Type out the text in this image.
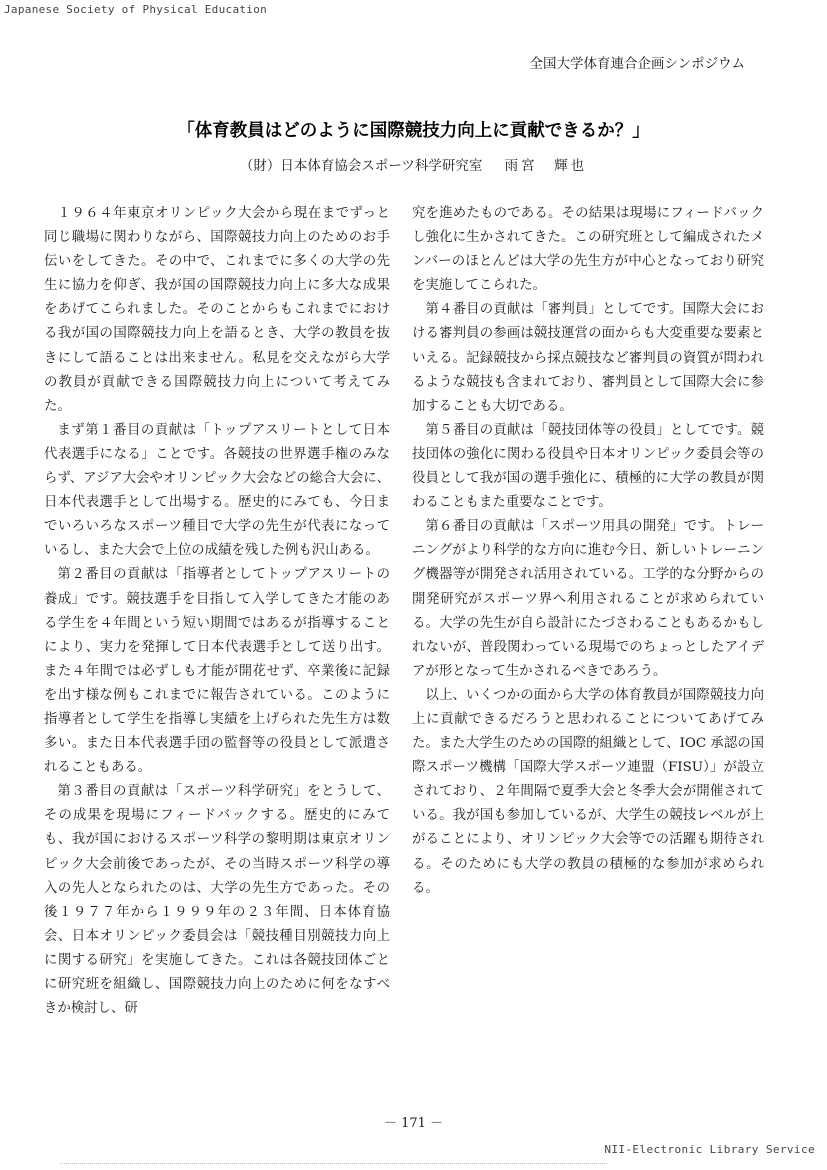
Japanese Society of Physical Education
全国大学体育連合企画シンポジウム
「体育教員はどのように国際競技力向上に貢献できるか？」
（財）日本体育協会スポーツ科学研究室 雨宮　輝也

１９６４年東京オリンピック大会から現在までずっと同じ職場に関わりながら、国際競技力向上のためのお手伝いをしてきた。その中で、これまでに多くの大学の先生に協力を仰ぎ、我が国の国際競技力向上に多大な成果をあげてこられました。そのことからもこれまでにおける我が国の国際競技力向上を語るとき、大学の教員を抜きにして語ることは出来ません。私見を交えながら大学の教員が貢献できる国際競技力向上について考えてみた。

まず第１番目の貢献は「トップアスリートとして日本代表選手になる」ことです。各競技の世界選手権のみならず、アジア大会やオリンピック大会などの総合大会に、日本代表選手として出場する。歴史的にみても、今日までいろいろなスポーツ種目で大学の先生が代表になっているし、また大会で上位の成績を残した例も沢山ある。

第２番目の貢献は「指導者としてトップアスリートの養成」です。競技選手を目指して入学してきた才能のある学生を４年間という短い期間ではあるが指導することにより、実力を発揮して日本代表選手として送り出す。また４年間では必ずしも才能が開花せず、卒業後に記録を出す様な例もこれまでに報告されている。このように指導者として学生を指導し実績を上げられた先生方は数多い。また日本代表選手団の監督等の役員として派遣されることもある。

第３番目の貢献は「スポーツ科学研究」をとうして、その成果を現場にフィードバックする。歴史的にみても、我が国におけるスポーツ科学の黎明期は東京オリンピック大会前後であったが、その当時スポーツ科学の導入の先人となられたのは、大学の先生方であった。その後１９７７年から１９９９年の２３年間、日本体育協会、日本オリンピック委員会は「競技種目別競技力向上に関する研究」を実施してきた。これは各競技団体ごとに研究班を組織し、国際競技力向上のために何をなすべきか検討し、研

究を進めたものである。その結果は現場にフィードバックし強化に生かされてきた。この研究班として編成されたメンバーのほとんどは大学の先生方が中心となっており研究を実施してこられた。

第４番目の貢献は「審判員」としてです。国際大会における審判員の参画は競技運営の面からも大変重要な要素といえる。記録競技から採点競技など審判員の資質が問われるような競技も含まれており、審判員として国際大会に参加することも大切である。

第５番目の貢献は「競技団体等の役員」としてです。競技団体の強化に関わる役員や日本オリンピック委員会等の役員として我が国の選手強化に、積極的に大学の教員が関わることもまた重要なことです。

第６番目の貢献は「スポーツ用具の開発」です。トレーニングがより科学的な方向に進む今日、新しいトレーニング機器等が開発され活用されている。工学的な分野からの開発研究がスポーツ界へ利用されることが求められている。大学の先生が自ら設計にたづさわることもあるかもしれないが、普段関わっている現場でのちょっとしたアイデアが形となって生かされるべきであろう。

以上、いくつかの面から大学の体育教員が国際競技力向上に貢献できるだろうと思われることについてあげてみた。また大学生のための国際的組織として、IOC 承認の国際スポーツ機構「国際大学スポーツ連盟（FISU）」が設立されており、２年間隔で夏季大会と冬季大会が開催されている。我が国も参加しているが、大学生の競技レベルが上がることにより、オリンピック大会等での活躍も期待される。そのためにも大学の教員の積極的な参加が求められる。

－ 171 －
NII-Electronic Library Service
